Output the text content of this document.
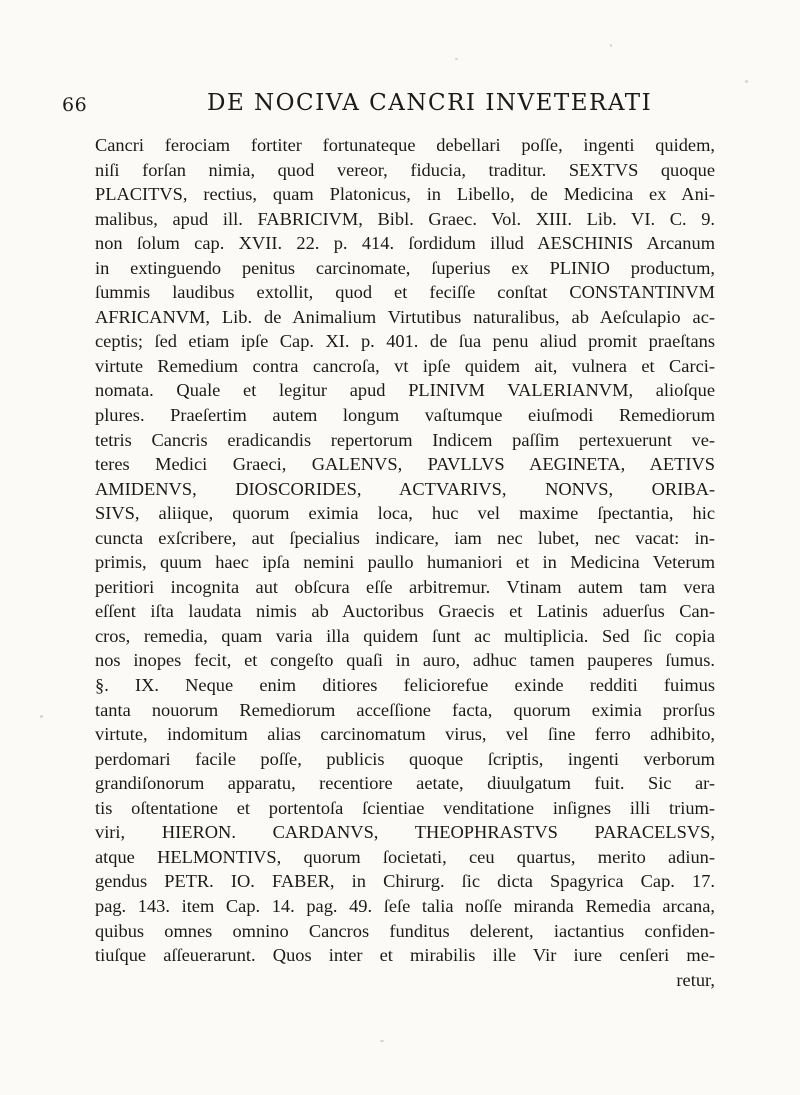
66	DE NOCIVA CANCRI INVETERATI
Cancri ferociam fortiter fortunateque debellari poſſe, ingenti quidem,
niſi forſan nimia, quod vereor, fiducia, traditur. SEXTVS quoque
PLACITVS, rectius, quam Platonicus, in Libello, de Medicina ex Ani-
malibus, apud ill. FABRICIVM, Bibl. Graec. Vol. XIII. Lib. VI. C. 9.
non ſolum cap. XVII. 22. p. 414. ſordidum illud AESCHINIS Arcanum
in extinguendo penitus carcinomate, ſuperius ex PLINIO productum,
ſummis laudibus extollit, quod et feciſſe conſtat CONSTANTINVM
AFRICANVM, Lib. de Animalium Virtutibus naturalibus, ab Aeſculapio ac-
ceptis; ſed etiam ipſe Cap. XI. p. 401. de ſua penu aliud promit praeſtans
virtute Remedium contra cancroſa, vt ipſe quidem ait, vulnera et Carci-
nomata. Quale et legitur apud PLINIVM VALERIANVM, alioſque
plures. Praeſertim autem longum vaſtumque eiuſmodi Remediorum
tetris Cancris eradicandis repertorum Indicem paſſim pertexuerunt ve-
teres Medici Graeci, GALENVS, PAVLLVS AEGINETA, AETIVS
AMIDENVS, DIOSCORIDES, ACTVARIVS, NONVS, ORIBA-
SIVS, aliique, quorum eximia loca, huc vel maxime ſpectantia, hic
cuncta exſcribere, aut ſpecialius indicare, iam nec lubet, nec vacat: in-
primis, quum haec ipſa nemini paullo humaniori et in Medicina Veterum
peritiori incognita aut obſcura eſſe arbitremur. Vtinam autem tam vera
eſſent iſta laudata nimis ab Auctoribus Graecis et Latinis aduerſus Can-
cros, remedia, quam varia illa quidem ſunt ac multiplicia. Sed ſic copia
nos inopes fecit, et congeſto quaſi in auro, adhuc tamen pauperes ſumus.
§. IX. Neque enim ditiores feliciorefue exinde redditi fuimus
tanta nouorum Remediorum acceſſione facta, quorum eximia prorſus
virtute, indomitum alias carcinomatum virus, vel ſine ferro adhibito,
perdomari facile poſſe, publicis quoque ſcriptis, ingenti verborum
grandiſonorum apparatu, recentiore aetate, diuulgatum fuit. Sic ar-
tis oſtentatione et portentoſa ſcientiae venditatione inſignes illi trium-
viri, HIERON. CARDANVS, THEOPHRASTVS PARACELSVS,
atque HELMONTIVS, quorum ſocietati, ceu quartus, merito adiun-
gendus PETR. IO. FABER, in Chirurg. ſic dicta Spagyrica Cap. 17.
pag. 143. item Cap. 14. pag. 49. ſeſe talia noſſe miranda Remedia arcana,
quibus omnes omnino Cancros funditus delerent, iactantius confiden-
tiuſque aſſeuerarunt. Quos inter et mirabilis ille Vir iure cenſeri me-
retur,
